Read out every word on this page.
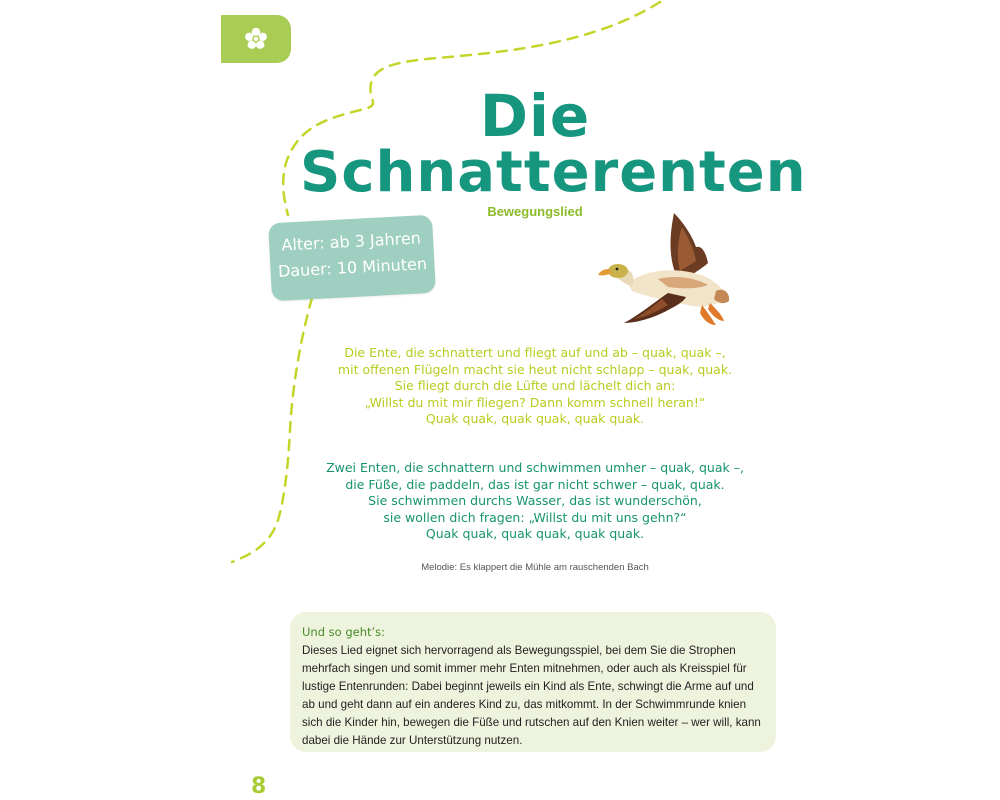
Die
Schnatterenten
Bewegungslied
Alter: ab 3 Jahren
Dauer: 10 Minuten
Die Ente, die schnattert und fliegt auf und ab – quak, quak –,
mit offenen Flügeln macht sie heut nicht schlapp – quak, quak.
Sie fliegt durch die Lüfte und lächelt dich an:
„Willst du mit mir fliegen? Dann komm schnell heran!“
Quak quak, quak quak, quak quak.
Zwei Enten, die schnattern und schwimmen umher – quak, quak –,
die Füße, die paddeln, das ist gar nicht schwer – quak, quak.
Sie schwimmen durchs Wasser, das ist wunderschön,
sie wollen dich fragen: „Willst du mit uns gehn?“
Quak quak, quak quak, quak quak.
Melodie: Es klappert die Mühle am rauschenden Bach
Und so geht’s:
Dieses Lied eignet sich hervorragend als Bewegungsspiel, bei dem Sie die Strophen mehrfach singen und somit immer mehr Enten mitnehmen, oder auch als Kreisspiel für lustige Entenrunden: Dabei beginnt jeweils ein Kind als Ente, schwingt die Arme auf und ab und geht dann auf ein anderes Kind zu, das mitkommt. In der Schwimmrunde knien sich die Kinder hin, bewegen die Füße und rutschen auf den Knien weiter – wer will, kann dabei die Hände zur Unterstützung nutzen.
8
